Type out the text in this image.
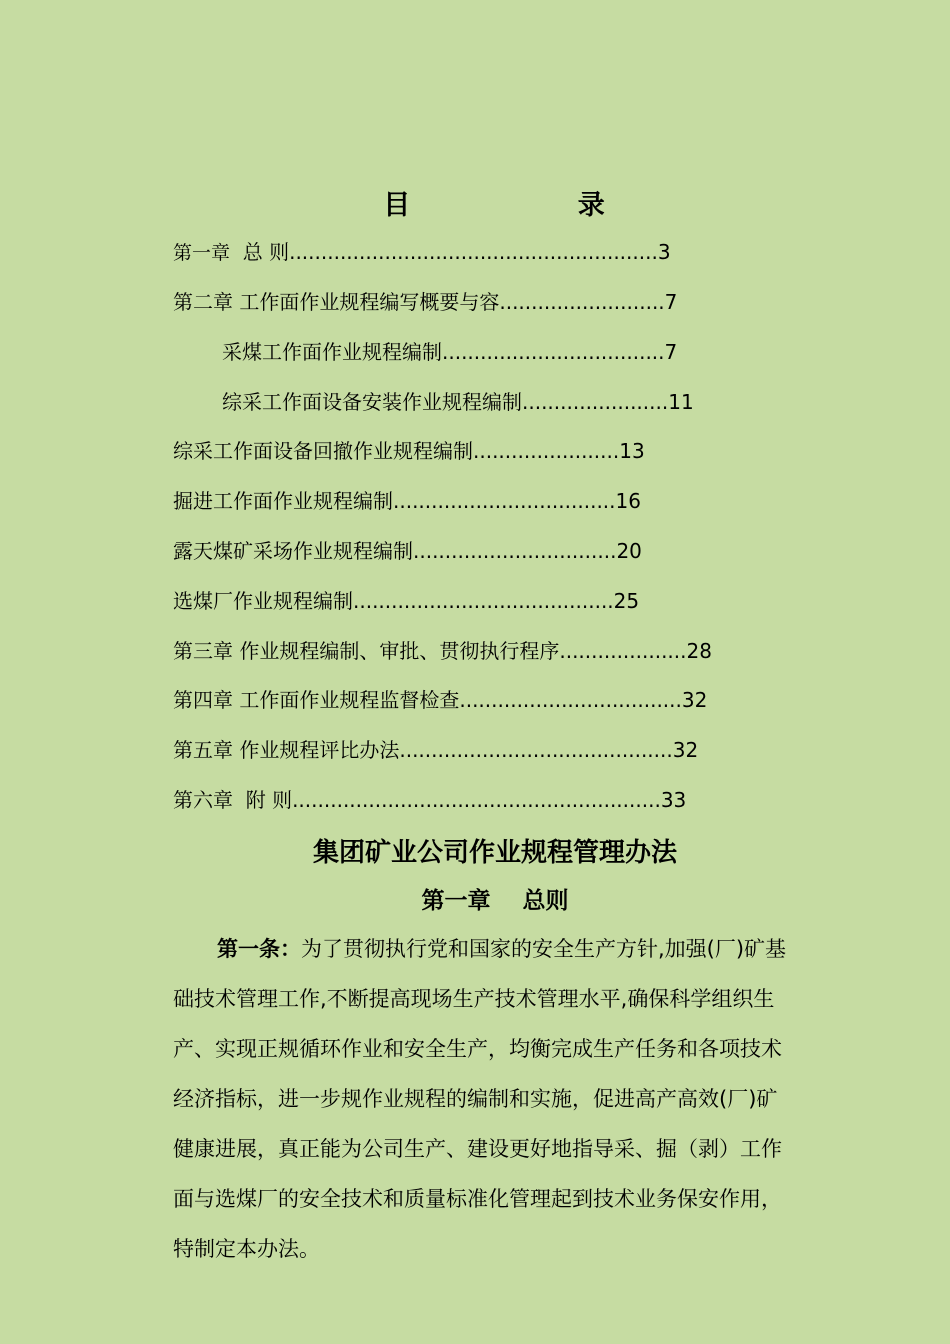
目    录
第一章  总 则..........................................................3
第二章 工作面作业规程编写概要与容..........................7
采煤工作面作业规程编制...................................7
综采工作面设备安装作业规程编制.......................11
综采工作面设备回撤作业规程编制.......................13
掘进工作面作业规程编制...................................16
露天煤矿采场作业规程编制................................20
选煤厂作业规程编制.........................................25
第三章 作业规程编制、审批、贯彻执行程序....................28
第四章 工作面作业规程监督检查...................................32
第五章 作业规程评比办法...........................................32
第六章  附 则..........................................................33
集团矿业公司作业规程管理办法
第一章    总则
第一条：为了贯彻执行党和国家的安全生产方针,加强(厂)矿基
础技术管理工作,不断提高现场生产技术管理水平,确保科学组织生
产、实现正规循环作业和安全生产，均衡完成生产任务和各项技术
经济指标，进一步规作业规程的编制和实施，促进高产高效(厂)矿
健康进展，真正能为公司生产、建设更好地指导采、掘（剥）工作
面与选煤厂的安全技术和质量标准化管理起到技术业务保安作用，
特制定本办法。
